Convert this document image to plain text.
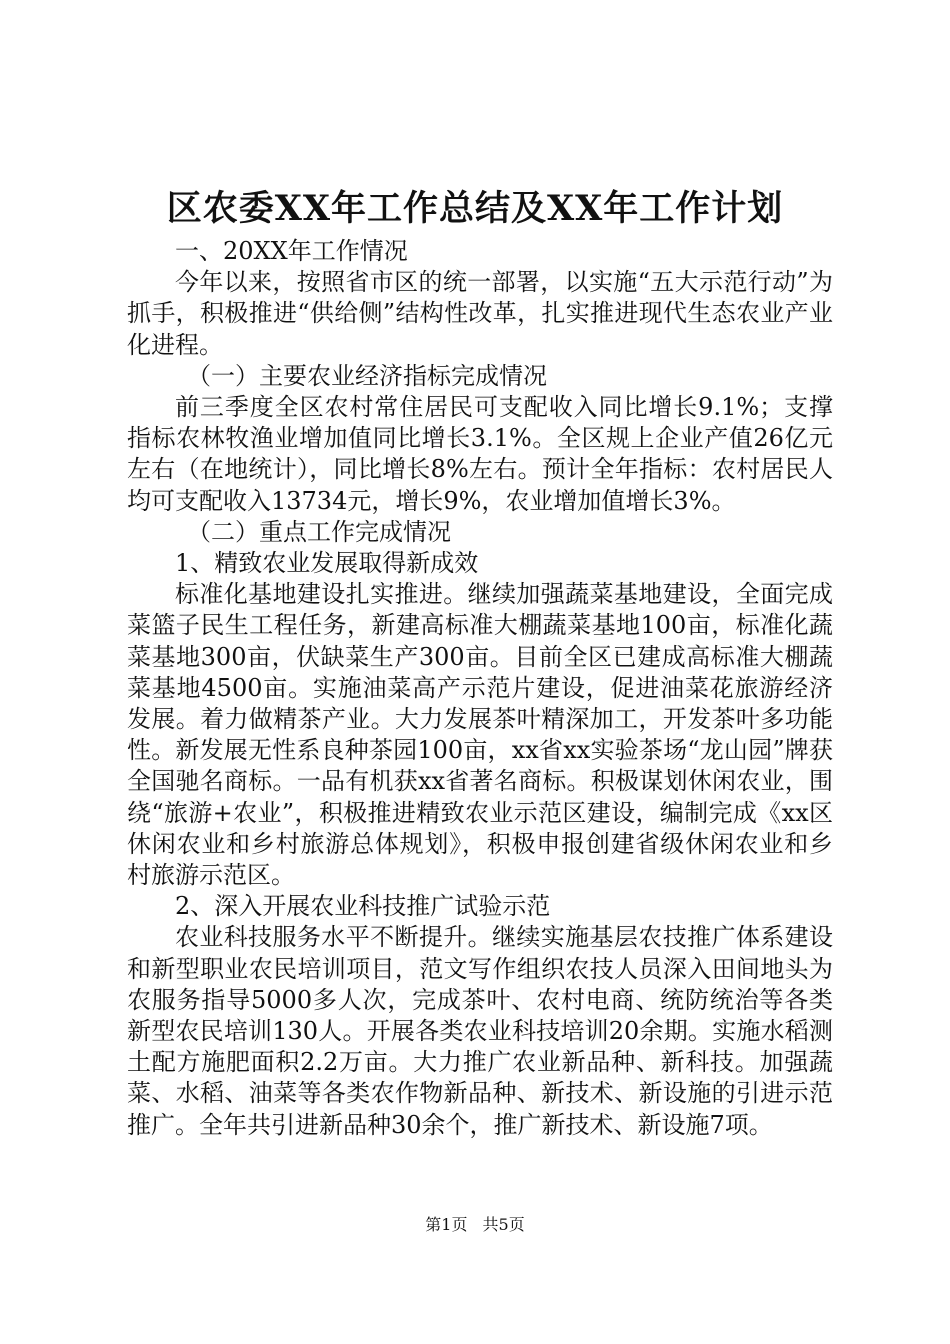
区农委XX年工作总结及XX年工作计划

一、20XX年工作情况

今年以来，按照省市区的统一部署，以实施“五大示范行动”为抓手，积极推进“供给侧”结构性改革，扎实推进现代生态农业产业化进程。

（一）主要农业经济指标完成情况

前三季度全区农村常住居民可支配收入同比增长9.1%；支撑指标农林牧渔业增加值同比增长3.1%。全区规上企业产值26亿元左右（在地统计），同比增长8%左右。预计全年指标：农村居民人均可支配收入13734元，增长9%，农业增加值增长3%。

（二）重点工作完成情况

1、精致农业发展取得新成效

标准化基地建设扎实推进。继续加强蔬菜基地建设，全面完成菜篮子民生工程任务，新建高标准大棚蔬菜基地100亩，标准化蔬菜基地300亩，伏缺菜生产300亩。目前全区已建成高标准大棚蔬菜基地4500亩。实施油菜高产示范片建设，促进油菜花旅游经济发展。着力做精茶产业。大力发展茶叶精深加工，开发茶叶多功能性。新发展无性系良种茶园100亩，xx省xx实验茶场“龙山园”牌获全国驰名商标。一品有机获xx省著名商标。积极谋划休闲农业，围绕“旅游+农业”，积极推进精致农业示范区建设，编制完成《xx区休闲农业和乡村旅游总体规划》，积极申报创建省级休闲农业和乡村旅游示范区。

2、深入开展农业科技推广试验示范

农业科技服务水平不断提升。继续实施基层农技推广体系建设和新型职业农民培训项目，范文写作组织农技人员深入田间地头为农服务指导5000多人次，完成茶叶、农村电商、统防统治等各类新型农民培训130人。开展各类农业科技培训20余期。实施水稻测土配方施肥面积2.2万亩。大力推广农业新品种、新科技。加强蔬菜、水稻、油菜等各类农作物新品种、新技术、新设施的引进示范推广。全年共引进新品种30余个，推广新技术、新设施7项。

第1页 共5页
